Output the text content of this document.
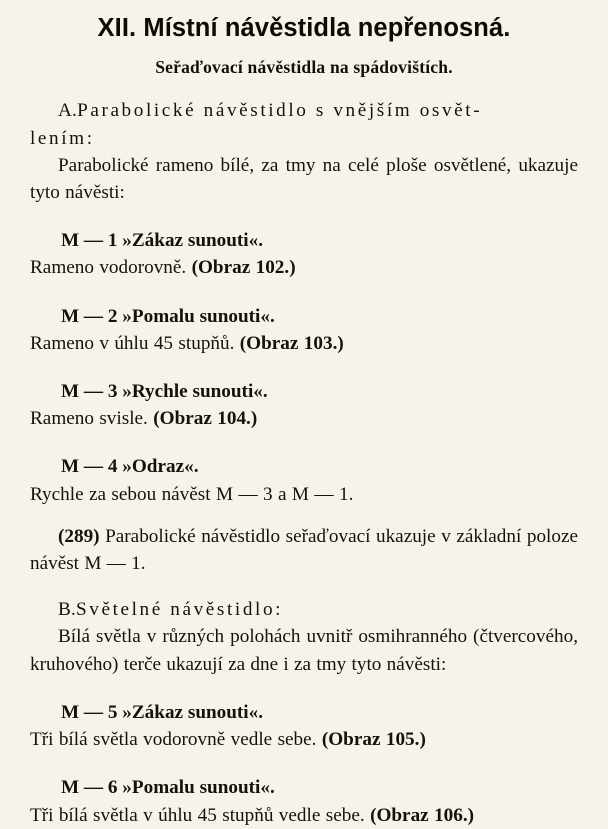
XII. Místní návěstidla nepřenosná.
Seřaďovací návěstidla na spádovištích.

A.Parabolické návěstidlo s vnějším osvět-

lením:

Parabolické rameno bílé, za tmy na celé ploše osvětlené, ukazuje tyto návěsti:

M — 1 »Zákaz sunouti«.

Rameno vodorovně. (Obraz 102.)

M — 2 »Pomalu sunouti«.

Rameno v úhlu 45 stupňů. (Obraz 103.)

M — 3 »Rychle sunouti«.

Rameno svisle. (Obraz 104.)

M — 4 »Odraz«.

Rychle za sebou návěst M — 3 a M — 1.

(289) Parabolické návěstidlo seřaďovací ukazuje v základní poloze návěst M — 1.

B.Světelné návěstidlo:

Bílá světla v různých polohách uvnitř osmihranného (čtvercového, kruhového) terče ukazují za dne i za tmy tyto návěsti:

M — 5 »Zákaz sunouti«.

Tři bílá světla vodorovně vedle sebe. (Obraz 105.)

M — 6 »Pomalu sunouti«.

Tři bílá světla v úhlu 45 stupňů vedle sebe. (Obraz 106.)
